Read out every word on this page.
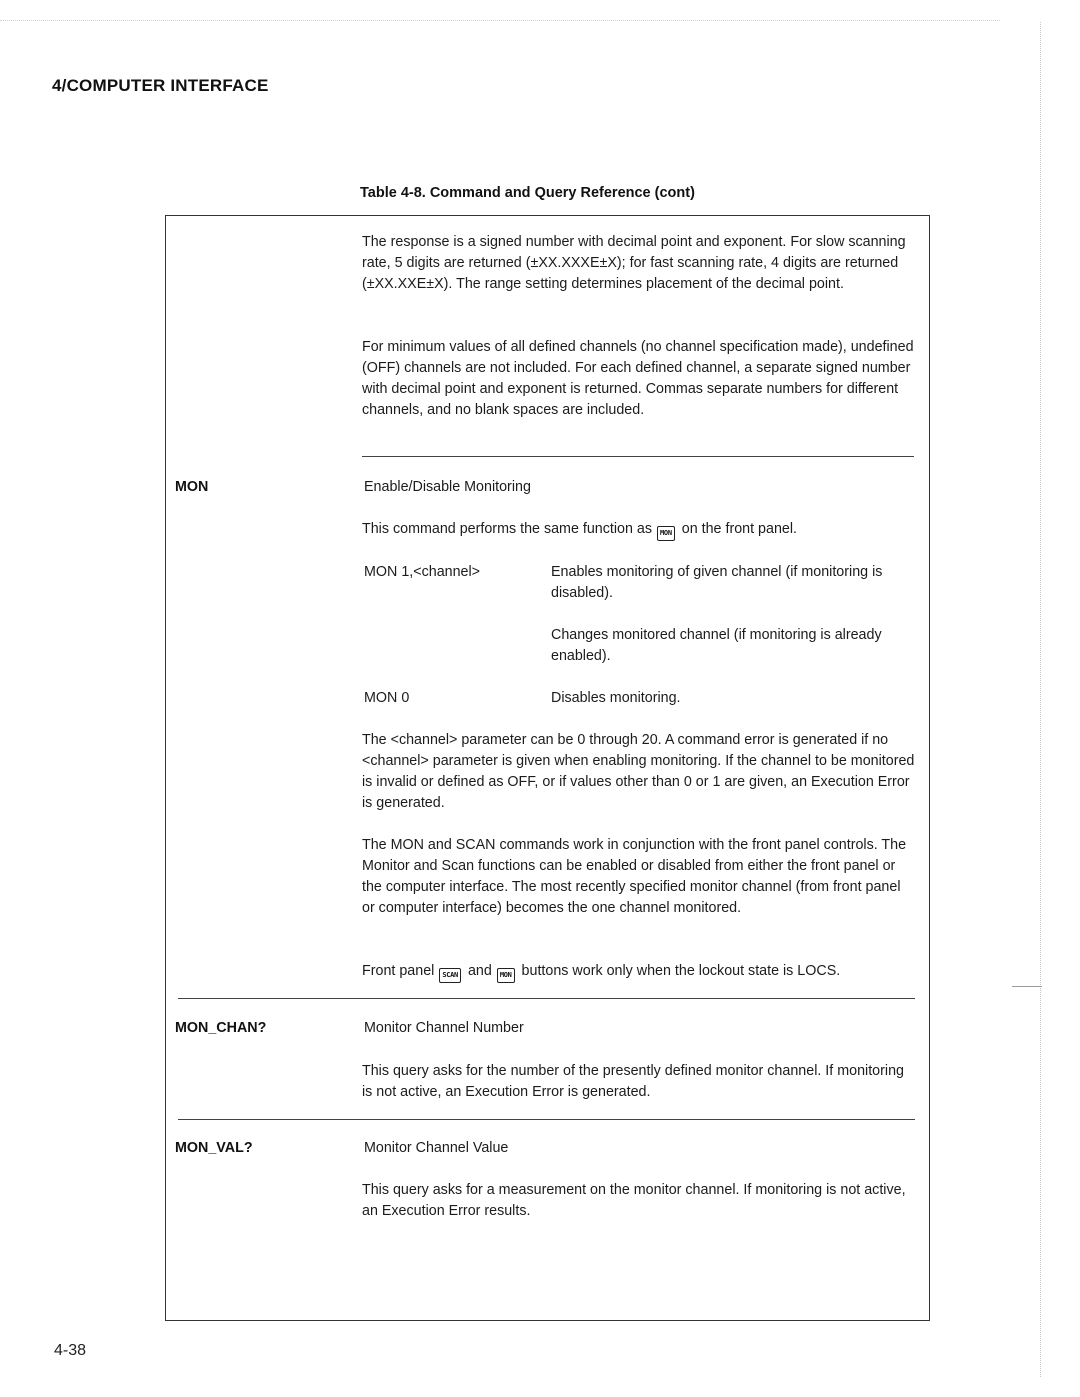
4/COMPUTER INTERFACE
Table 4-8. Command and Query Reference (cont)

The response is a signed number with decimal point and exponent. For slow scanning rate, 5 digits are returned (±XX.XXXE±X); for fast scanning rate, 4 digits are returned (±XX.XXE±X). The range setting determines placement of the decimal point.

For minimum values of all defined channels (no channel specification made), undefined (OFF) channels are not included. For each defined channel, a separate signed number with decimal point and exponent is returned. Commas separate numbers for different channels, and no blank spaces are included.

MON	Enable/Disable Monitoring

This command performs the same function as MON on the front panel.

MON 1,<channel>	Enables monitoring of given channel (if monitoring is disabled).

Changes monitored channel (if monitoring is already enabled).

MON 0	Disables monitoring.

The <channel> parameter can be 0 through 20. A command error is generated if no <channel> parameter is given when enabling monitoring. If the channel to be monitored is invalid or defined as OFF, or if values other than 0 or 1 are given, an Execution Error is generated.

The MON and SCAN commands work in conjunction with the front panel controls. The Monitor and Scan functions can be enabled or disabled from either the front panel or the computer interface. The most recently specified monitor channel (from front panel or computer interface) becomes the one channel monitored.

Front panel SCAN and MON buttons work only when the lockout state is LOCS.

MON_CHAN?	Monitor Channel Number

This query asks for the number of the presently defined monitor channel. If monitoring is not active, an Execution Error is generated.

MON_VAL?	Monitor Channel Value

This query asks for a measurement on the monitor channel. If monitoring is not active, an Execution Error results.

4-38
